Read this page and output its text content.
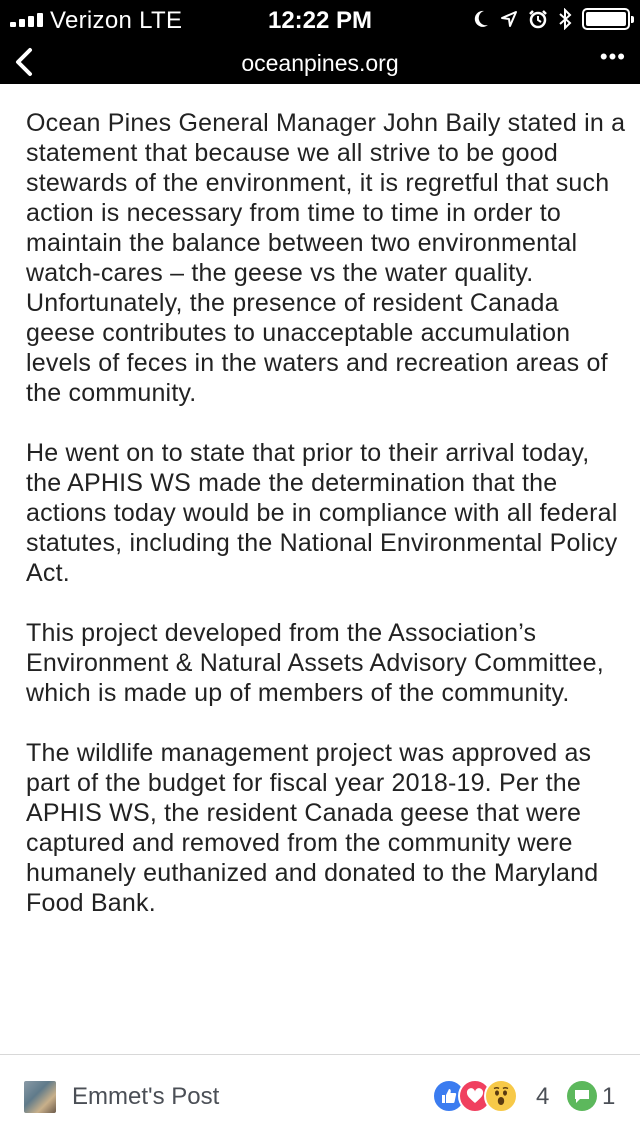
Verizon LTE	12:22 PM
oceanpines.org	•••

Ocean Pines General Manager John Baily stated in a statement that because we all strive to be good stewards of the environment, it is regretful that such action is necessary from time to time in order to maintain the balance between two environmental watch-cares – the geese vs the water quality. Unfortunately, the presence of resident Canada geese contributes to unacceptable accumulation levels of feces in the waters and recreation areas of the community.

He went on to state that prior to their arrival today, the APHIS WS made the determination that the actions today would be in compliance with all federal statutes, including the National Environmental Policy Act.

This project developed from the Association’s Environment & Natural Assets Advisory Committee, which is made up of members of the community.

The wildlife management project was approved as part of the budget for fiscal year 2018-19. Per the APHIS WS, the resident Canada geese that were captured and removed from the community were humanely euthanized and donated to the Maryland Food Bank.

Emmet's Post	4 1
